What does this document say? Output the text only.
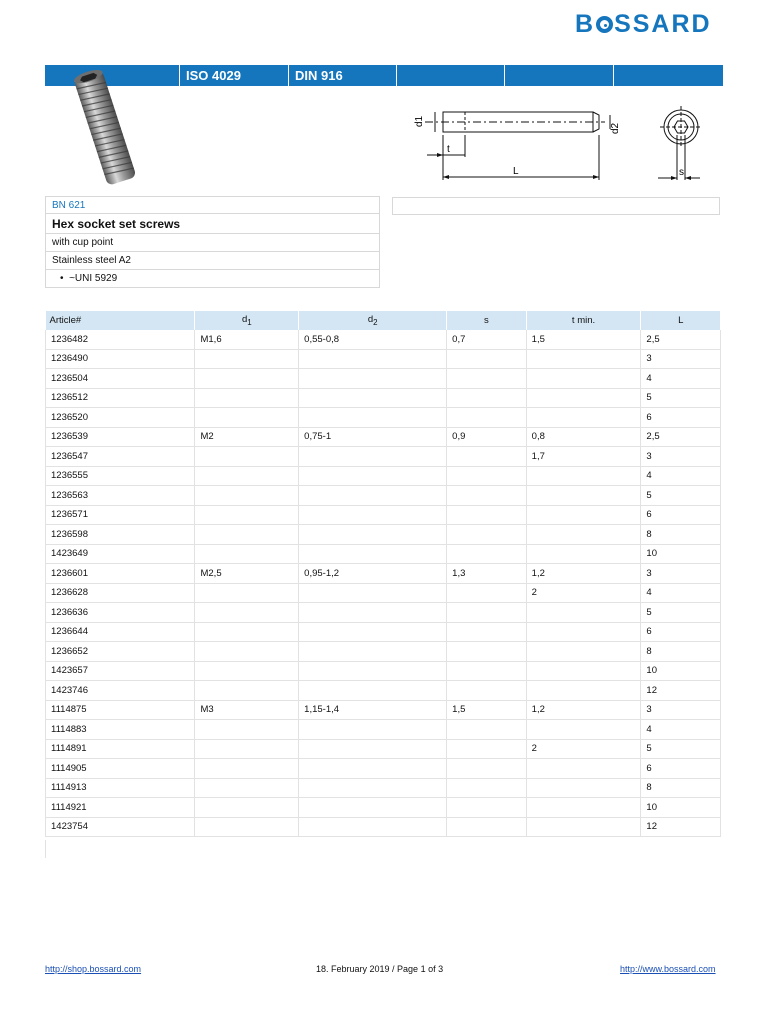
B SSARD
ISO 4029	DIN 916
d1
d2
t
L	s
BN 621
Hex socket set screws
with cup point
Stainless steel A2
•  ~UNI 5929
Article#	$d_1$	$d_2$	s	t min.	L
1236482	M1,6	0,55-0,8	0,7	1,5	2,5
1236490					3
1236504					4
1236512					5
1236520					6
1236539	M2	0,75-1	0,9	0,8	2,5
1236547				1,7	3
1236555					4
1236563					5
1236571					6
1236598					8
1423649					10
1236601	M2,5	0,95-1,2	1,3	1,2	3
1236628				2	4
1236636					5
1236644					6
1236652					8
1423657					10
1423746					12
1114875	M3	1,15-1,4	1,5	1,2	3
1114883					4
1114891				2	5
1114905					6
1114913					8
1114921					10
1423754					12
http://shop.bossard.com	18. February 2019 / Page 1 of 3	http://www.bossard.com
